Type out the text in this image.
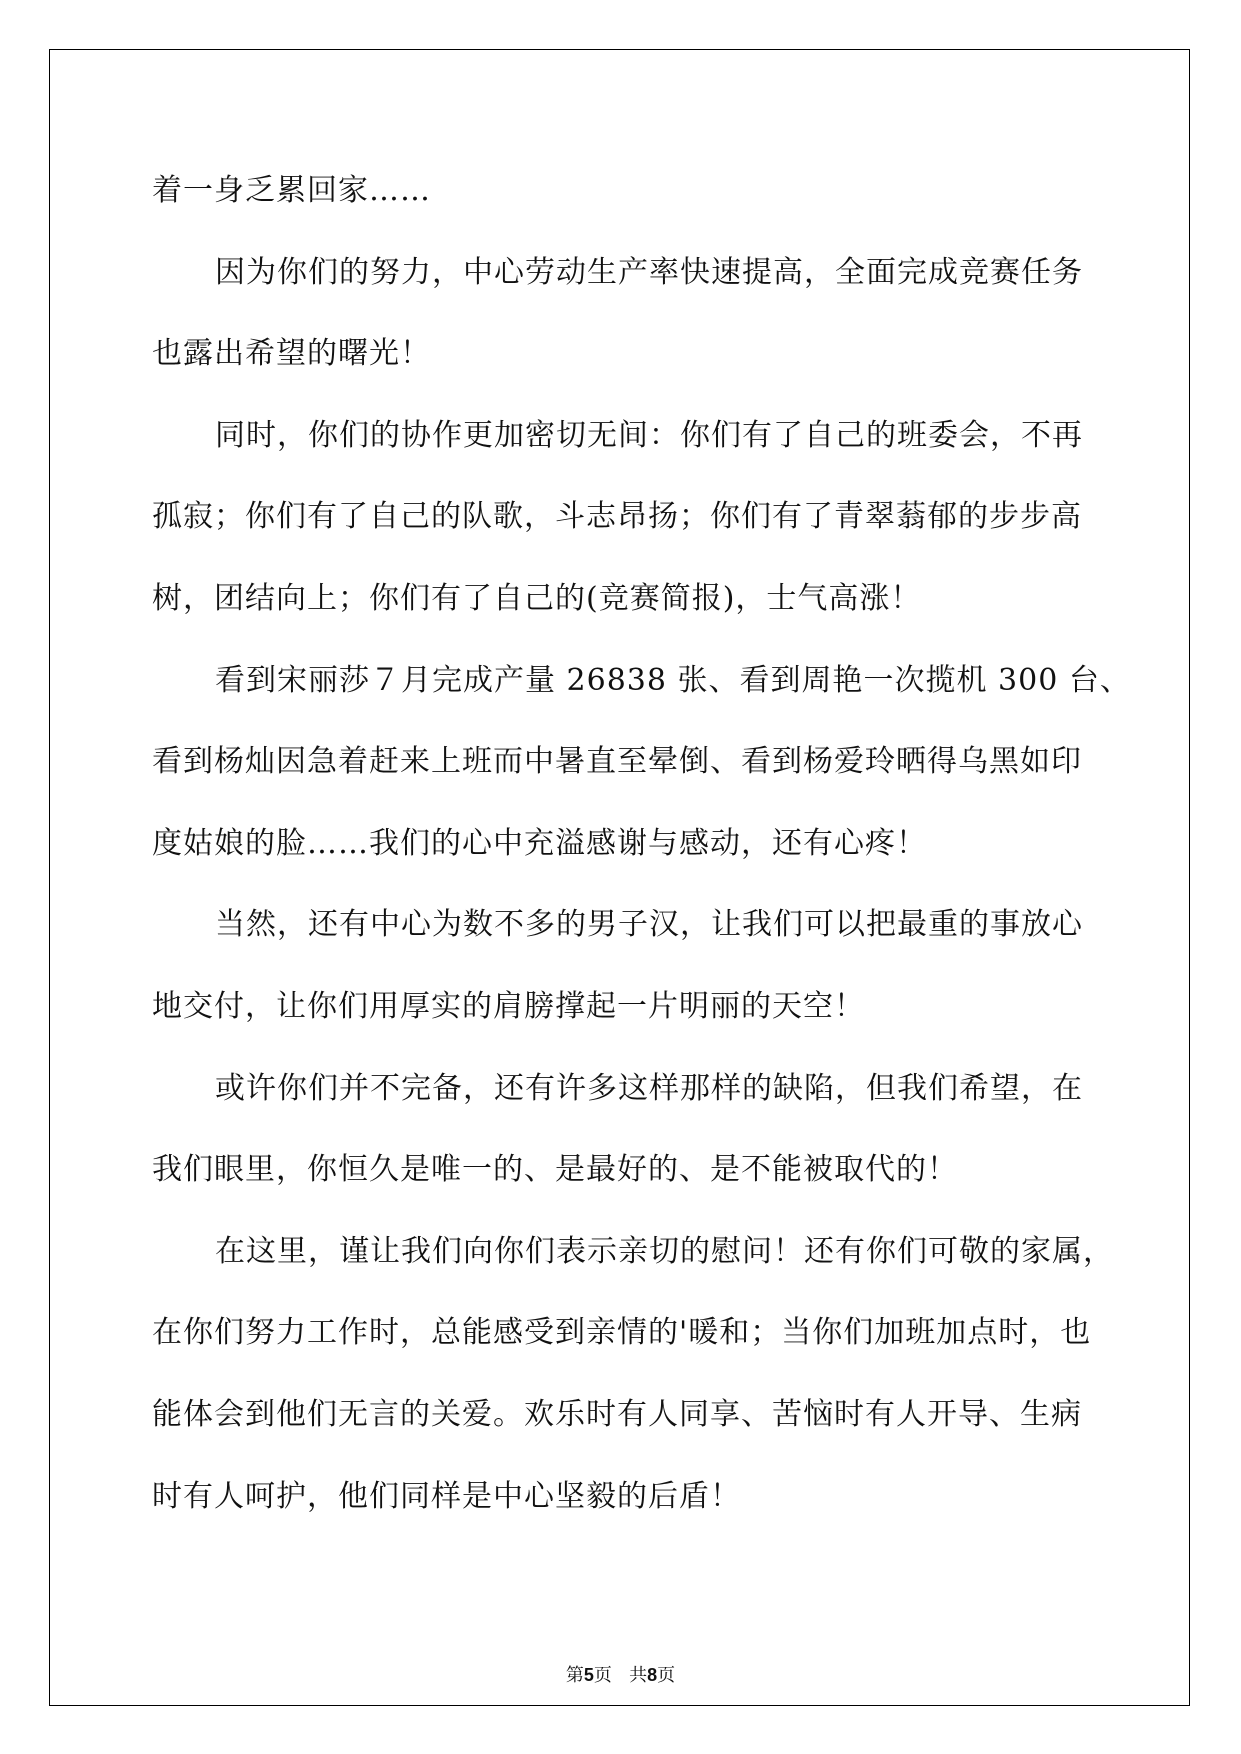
着一身乏累回家……
因为你们的努力，中心劳动生产率快速提高，全面完成竞赛任务
也露出希望的曙光！
同时，你们的协作更加密切无间：你们有了自己的班委会，不再
孤寂；你们有了自己的队歌，斗志昂扬；你们有了青翠蓊郁的步步高
树，团结向上；你们有了自己的(竞赛简报)，士气高涨！
看到宋丽莎７月完成产量 26838 张、看到周艳一次揽机 300 台、
看到杨灿因急着赶来上班而中暑直至晕倒、看到杨爱玲晒得乌黑如印
度姑娘的脸……我们的心中充溢感谢与感动，还有心疼！
当然，还有中心为数不多的男子汉，让我们可以把最重的事放心
地交付，让你们用厚实的肩膀撑起一片明丽的天空！
或许你们并不完备，还有许多这样那样的缺陷，但我们希望，在
我们眼里，你恒久是唯一的、是最好的、是不能被取代的！
在这里，谨让我们向你们表示亲切的慰问！还有你们可敬的家属，
在你们努力工作时，总能感受到亲情的'暖和；当你们加班加点时，也
能体会到他们无言的关爱。欢乐时有人同享、苦恼时有人开导、生病
时有人呵护，他们同样是中心坚毅的后盾！
第5页 共8页
